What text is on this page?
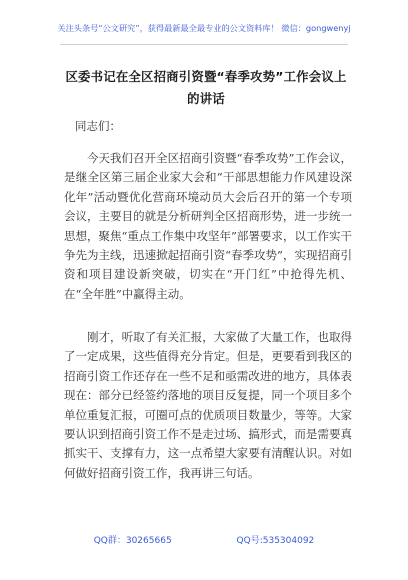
关注头条号“公文研究”，获得最新最全最专业的公文资料库！ 微信：gongwenyj
区委书记在全区招商引资暨“春季攻势”工作会议上的讲话
同志们：
今天我们召开全区招商引资暨“春季攻势”工作会议，是继全区第三届企业家大会和“干部思想能力作风建设深化年”活动暨优化营商环境动员大会后召开的第一个专项会议，主要目的就是分析研判全区招商形势，进一步统一思想，聚焦“重点工作集中攻坚年”部署要求，以工作实干争先为主线，迅速掀起招商引资“春季攻势”，实现招商引资和项目建设新突破，切实在“开门红”中抢得先机、在“全年胜”中赢得主动。
刚才，听取了有关汇报，大家做了大量工作，也取得了一定成果，这些值得充分肯定。但是，更要看到我区的招商引资工作还存在一些不足和亟需改进的地方，具体表现在：部分已经签约落地的项目反复提，同一个项目多个单位重复汇报，可圈可点的优质项目数量少，等等。大家要认识到招商引资工作不是走过场、搞形式，而是需要真抓实干、支撑有力，这一点希望大家要有清醒认识。对如何做好招商引资工作，我再讲三句话。
QQ群：30265665	QQ号:535304092
